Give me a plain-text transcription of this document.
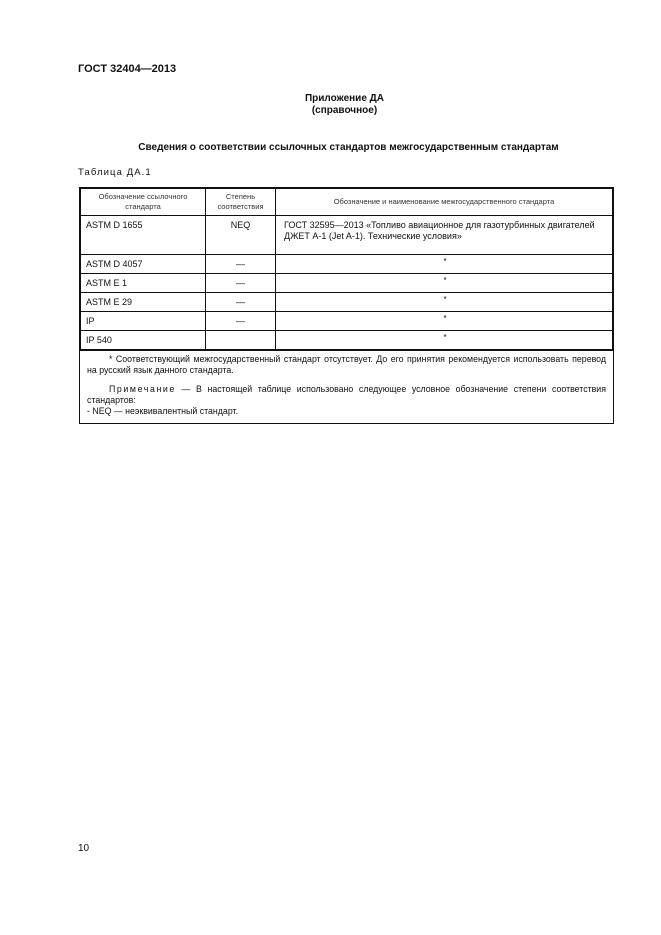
ГОСТ 32404—2013
Приложение ДА
(справочное)
Сведения о соответствии ссылочных стандартов межгосударственным стандартам
Таблица ДА.1
Обозначение ссылочного стандарта	Степень соответствия	Обозначение и наименование межгосударственного стандарта
ASTM D 1655	NEQ	ГОСТ 32595—2013 «Топливо авиационное для газотурбинных двигателей ДЖЕТ А-1 (Jet A-1). Технические условия»
ASTM D 4057	—	*
ASTM E 1	—	*
ASTM E 29	—	*
IP	—	*
IP 540		*

* Соответствующий межгосударственный стандарт отсутствует. До его принятия рекомендуется использовать перевод на русский язык данного стандарта.

Примечание — В настоящей таблице использовано следующее условное обозначение степени соответствия стандартов:

- NEQ — неэквивалентный стандарт.

10
